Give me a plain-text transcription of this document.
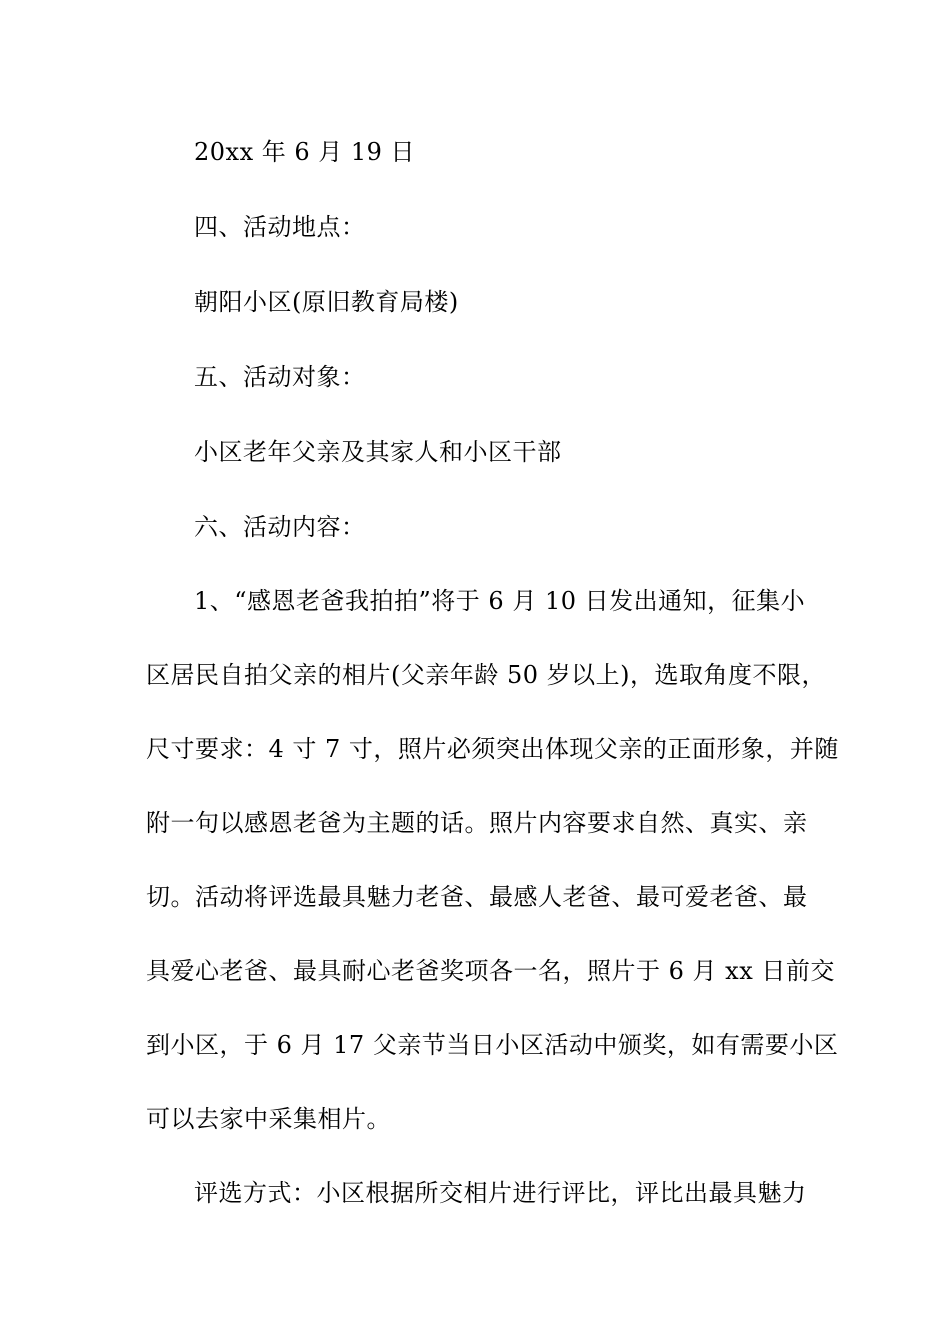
20xx 年 6 月 19 日
四、活动地点：
朝阳小区(原旧教育局楼)
五、活动对象：
小区老年父亲及其家人和小区干部
六、活动内容：
1、“感恩老爸我拍拍”将于 6 月 10 日发出通知，征集小
区居民自拍父亲的相片(父亲年龄 50 岁以上)，选取角度不限，
尺寸要求：4 寸 7 寸，照片必须突出体现父亲的正面形象，并随
附一句以感恩老爸为主题的话。照片内容要求自然、真实、亲
切。活动将评选最具魅力老爸、最感人老爸、最可爱老爸、最
具爱心老爸、最具耐心老爸奖项各一名，照片于 6 月 xx 日前交
到小区，于 6 月 17 父亲节当日小区活动中颁奖，如有需要小区
可以去家中采集相片。
评选方式：小区根据所交相片进行评比，评比出最具魅力
